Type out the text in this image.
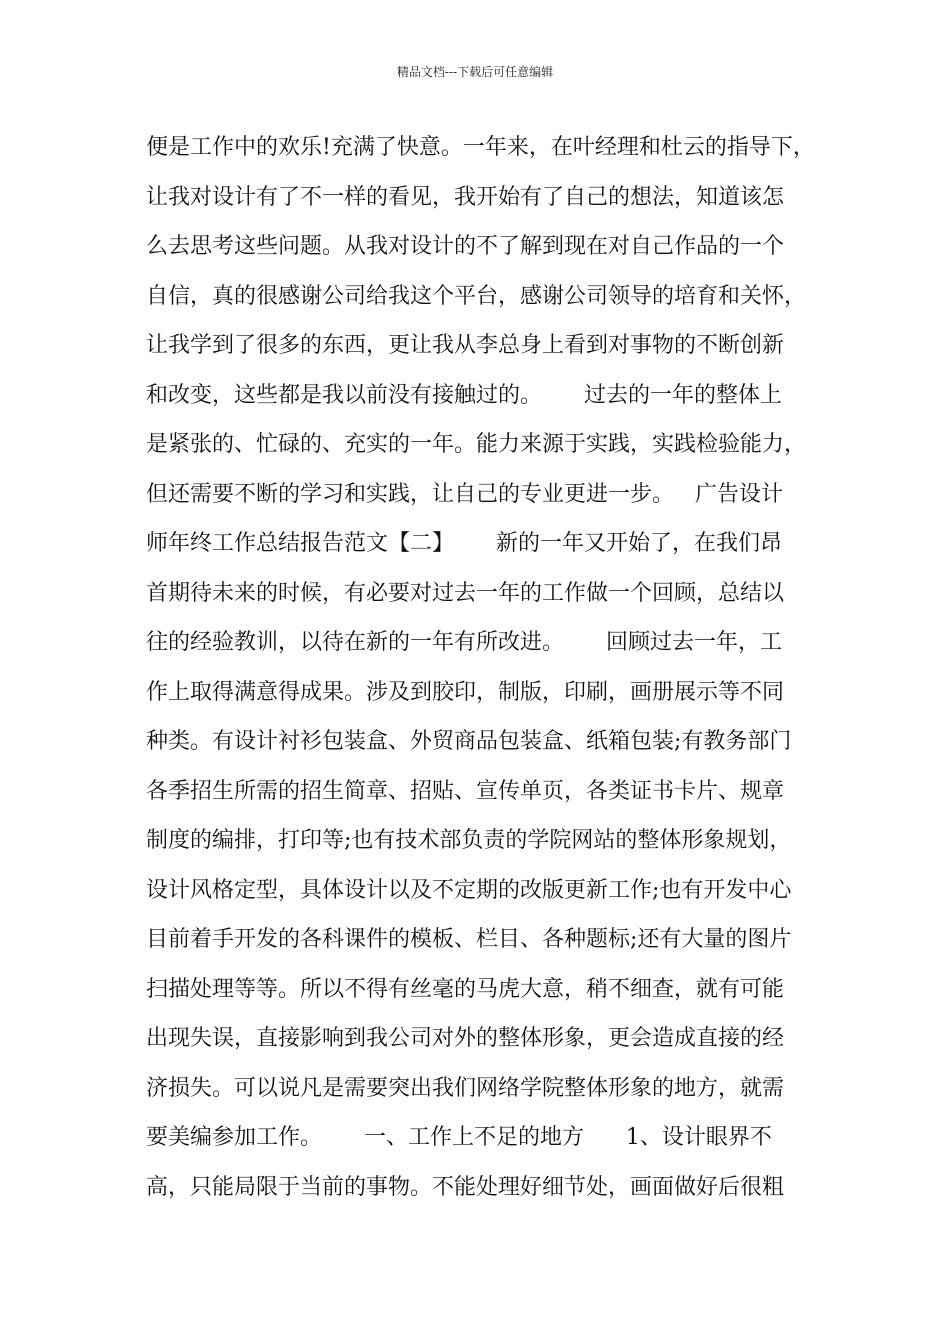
精品文档---下载后可任意编辑
便是工作中的欢乐!充满了快意。一年来，在叶经理和杜云的指导下，
让我对设计有了不一样的看见，我开始有了自己的想法，知道该怎
么去思考这些问题。从我对设计的不了解到现在对自己作品的一个
自信，真的很感谢公司给我这个平台，感谢公司领导的培育和关怀，
让我学到了很多的东西，更让我从李总身上看到对事物的不断创新
和改变，这些都是我以前没有接触过的。      过去的一年的整体上
是紧张的、忙碌的、充实的一年。能力来源于实践，实践检验能力，
但还需要不断的学习和实践，让自己的专业更进一步。   广告设计
师年终工作总结报告范文【二】      新的一年又开始了，在我们昂
首期待未来的时候，有必要对过去一年的工作做一个回顾，总结以
往的经验教训，以待在新的一年有所改进。      回顾过去一年，工
作上取得满意得成果。涉及到胶印，制版，印刷，画册展示等不同
种类。有设计衬衫包装盒、外贸商品包装盒、纸箱包装;有教务部门
各季招生所需的招生简章、招贴、宣传单页，各类证书卡片、规章
制度的编排，打印等;也有技术部负责的学院网站的整体形象规划，
设计风格定型，具体设计以及不定期的改版更新工作;也有开发中心
目前着手开发的各科课件的模板、栏目、各种题标;还有大量的图片
扫描处理等等。所以不得有丝毫的马虎大意，稍不细查，就有可能
出现失误，直接影响到我公司对外的整体形象，更会造成直接的经
济损失。可以说凡是需要突出我们网络学院整体形象的地方，就需
要美编参加工作。      一、工作上不足的地方      1、设计眼界不
高，只能局限于当前的事物。不能处理好细节处，画面做好后很粗
